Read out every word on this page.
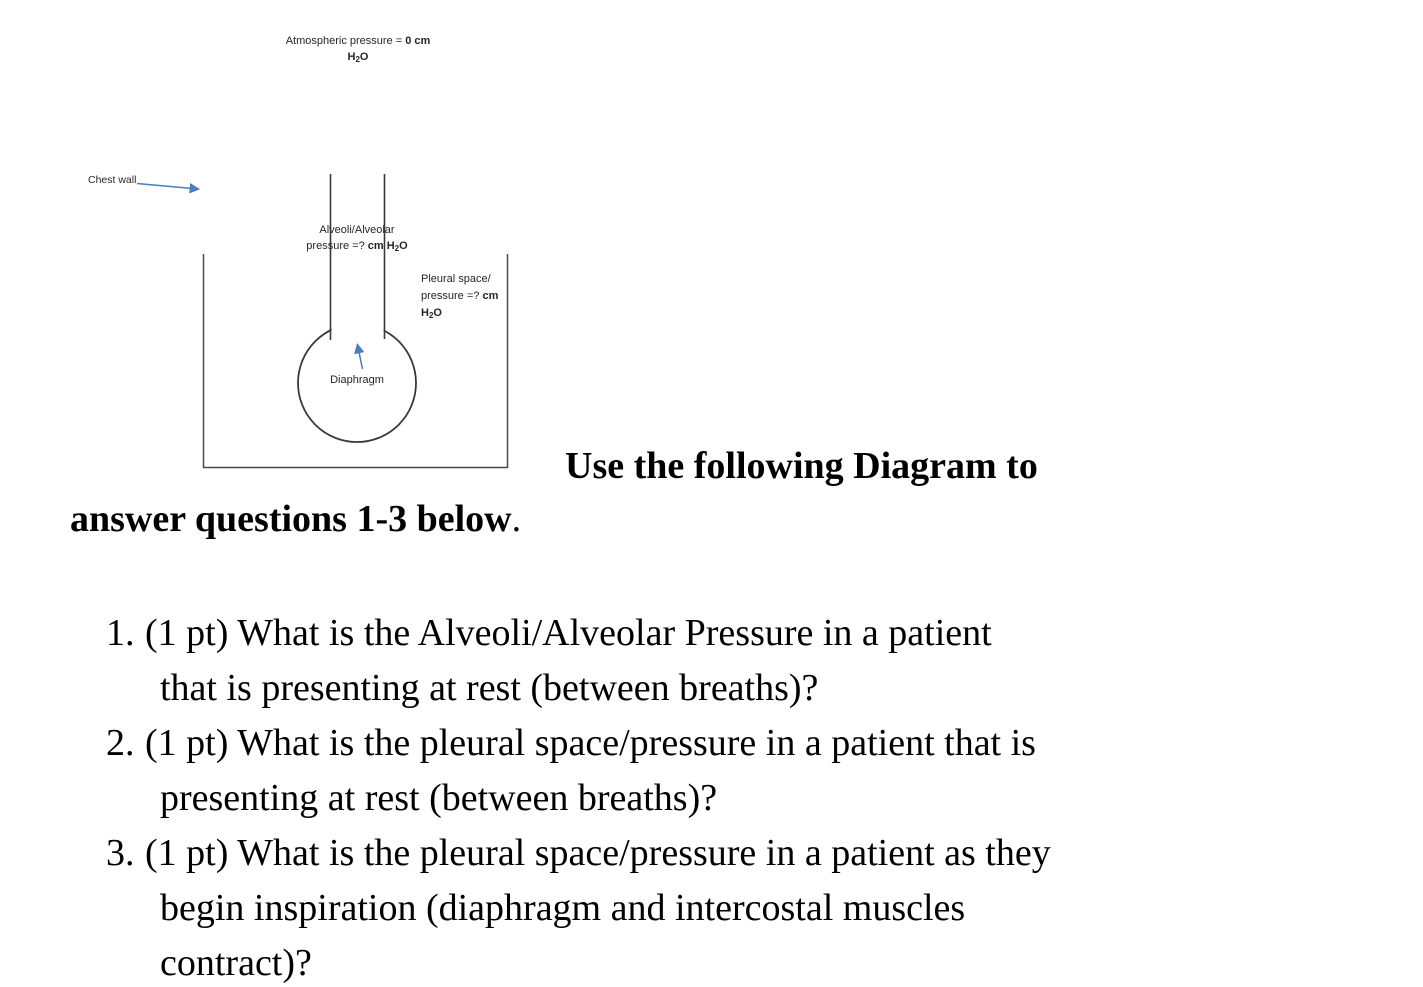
Atmospheric pressure = 0 cm
$H_2O$
Chest wall
Alveoli/Alveolar
pressure =? cm $H_2O$
Pleural space/
pressure =? cm
$H_2O$
Diaphragm
Use the following Diagram to
answer questions 1-3 below.
1. (1 pt) What is the Alveoli/Alveolar Pressure in a patient
that is presenting at rest (between breaths)?
2. (1 pt) What is the pleural space/pressure in a patient that is
presenting at rest (between breaths)?
3. (1 pt) What is the pleural space/pressure in a patient as they
begin inspiration (diaphragm and intercostal muscles
contract)?
